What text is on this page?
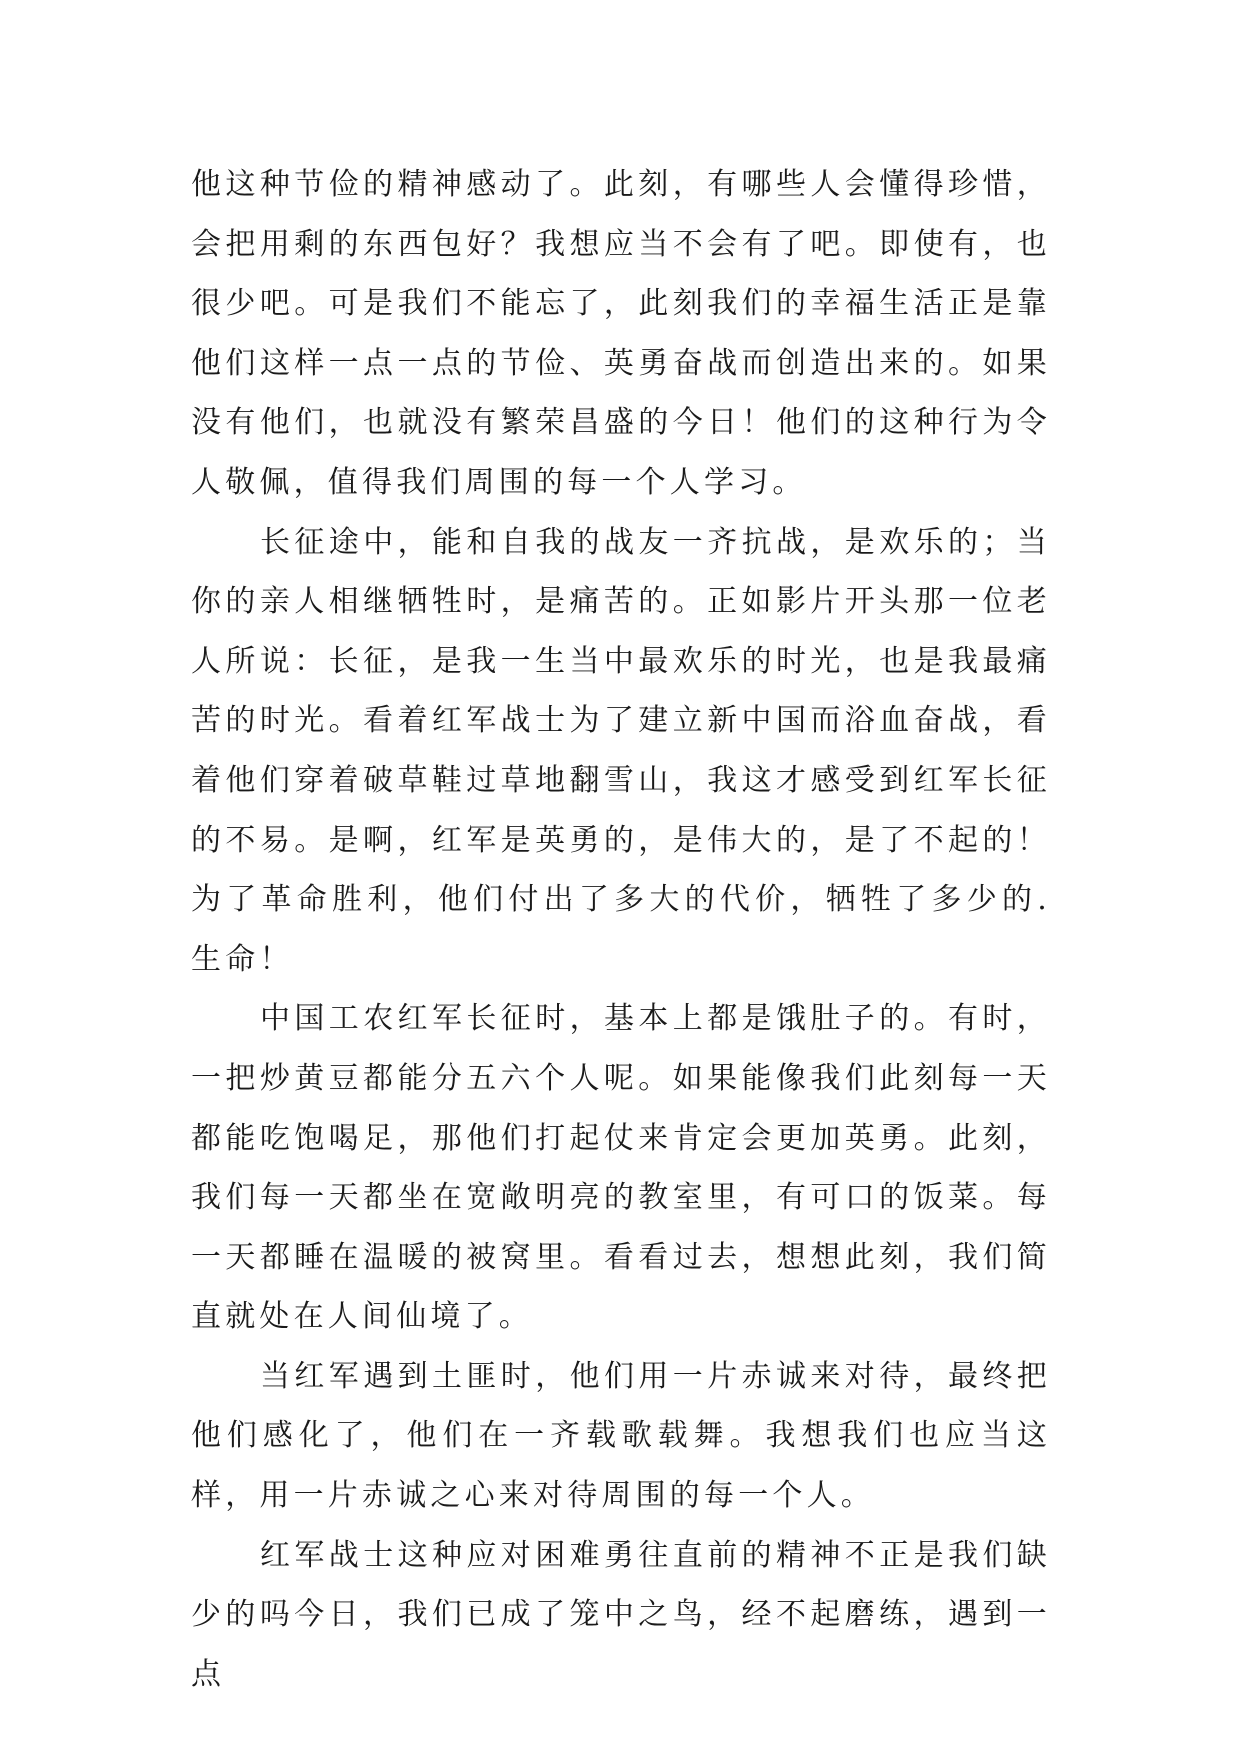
他这种节俭的精神感动了。此刻，有哪些人会懂得珍惜，会把用剩的东西包好？我想应当不会有了吧。即使有，也很少吧。可是我们不能忘了，此刻我们的幸福生活正是靠他们这样一点一点的节俭、英勇奋战而创造出来的。如果没有他们，也就没有繁荣昌盛的今日！他们的这种行为令人敬佩，值得我们周围的每一个人学习。

长征途中，能和自我的战友一齐抗战，是欢乐的；当你的亲人相继牺牲时，是痛苦的。正如影片开头那一位老人所说：长征，是我一生当中最欢乐的时光，也是我最痛苦的时光。看着红军战士为了建立新中国而浴血奋战，看着他们穿着破草鞋过草地翻雪山，我这才感受到红军长征的不易。是啊，红军是英勇的，是伟大的，是了不起的！为了革命胜利，他们付出了多大的代价，牺牲了多少的.生命！

中国工农红军长征时，基本上都是饿肚子的。有时，一把炒黄豆都能分五六个人呢。如果能像我们此刻每一天都能吃饱喝足，那他们打起仗来肯定会更加英勇。此刻，我们每一天都坐在宽敞明亮的教室里，有可口的饭菜。每一天都睡在温暖的被窝里。看看过去，想想此刻，我们简直就处在人间仙境了。

当红军遇到土匪时，他们用一片赤诚来对待，最终把他们感化了，他们在一齐载歌载舞。我想我们也应当这样，用一片赤诚之心来对待周围的每一个人。

红军战士这种应对困难勇往直前的精神不正是我们缺少的吗今日，我们已成了笼中之鸟，经不起磨练，遇到一点
